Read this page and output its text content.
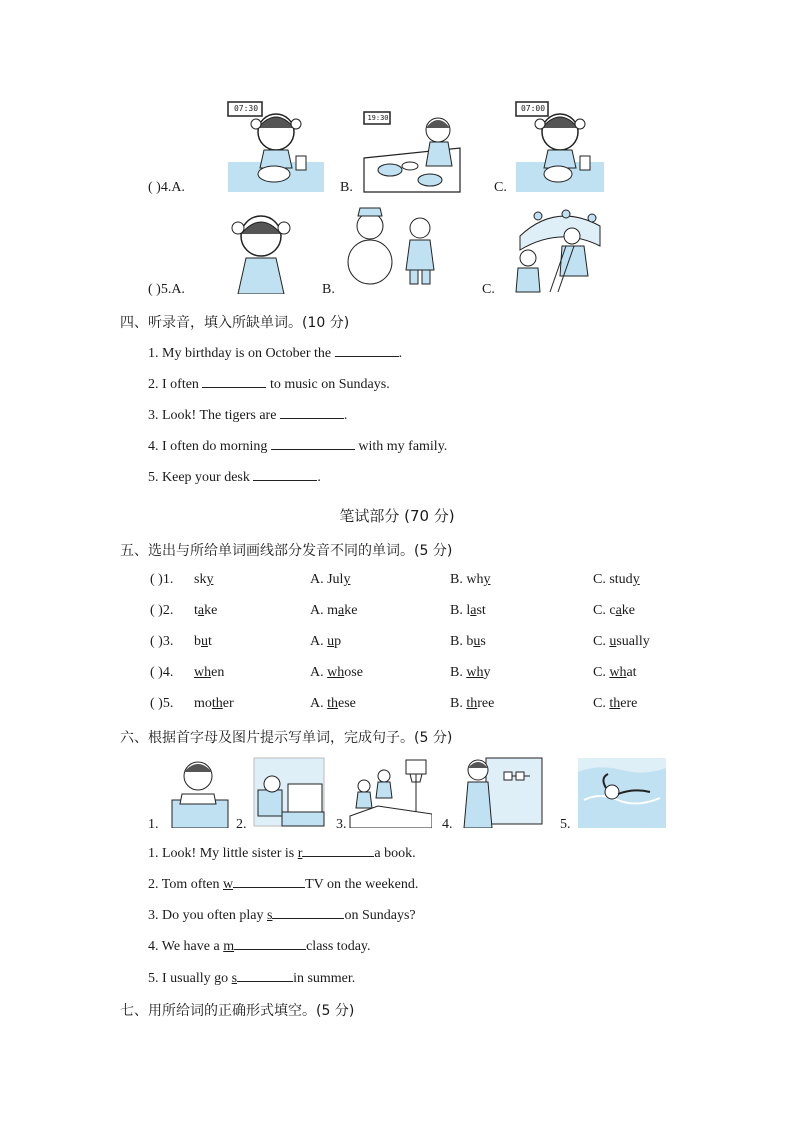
( )4.A.
07:30
B.
19:30
C.
07:00
( )5.A.	B.	C.
四、听录音，填入所缺单词。(10 分)
1. My birthday is on October the	.
2. I often	to music on Sundays.
3. Look! The tigers are	.
4. I often do morning	with my family.
5. Keep your desk	.
笔试部分 (70 分)
五、选出与所给单词画线部分发音不同的单词。(5 分)
( )1. sky	A. July	B. why	C. study
( )2. take	A. make	B. last	C. cake
( )3. but	A. up	B. bus	C. usually
( )4. when	A. whose	B. why	C. what
( )5. mother	A. these	B. three	C. there
六、根据首字母及图片提示写单词，完成句子。(5 分)
1.	2.	3.	4.	5.
1. Look! My little sister is r	a book.
2. Tom often w	TV on the weekend.
3. Do you often play s	on Sundays?
4. We have a m	class today.
5. I usually go s	in summer.
七、用所给词的正确形式填空。(5 分)
